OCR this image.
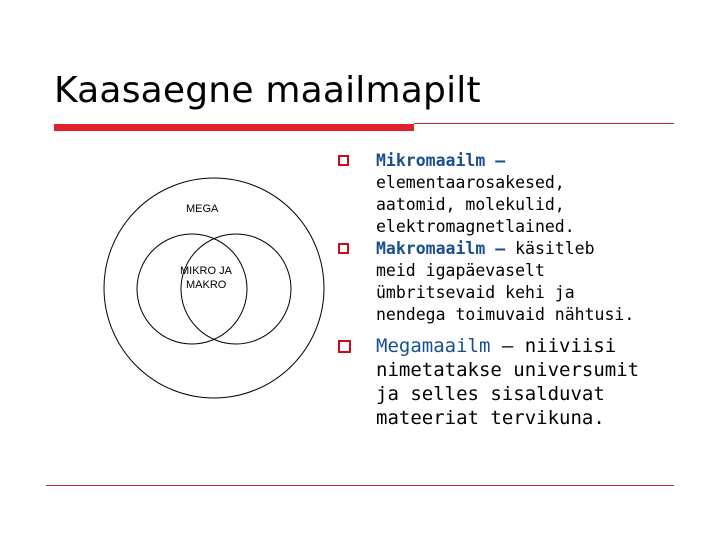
Kaasaegne maailmapilt
MEGA
MIKRO JA
MAKRO
Mikromaailm –
elementaarosakesed,
aatomid, molekulid,
elektromagnetlained.
Makromaailm – käsitleb
meid igapäevaselt
ümbritsevaid kehi ja
nendega toimuvaid nähtusi.
Megamaailm – niiviisi
nimetatakse universumit
ja selles sisalduvat
mateeriat tervikuna.
